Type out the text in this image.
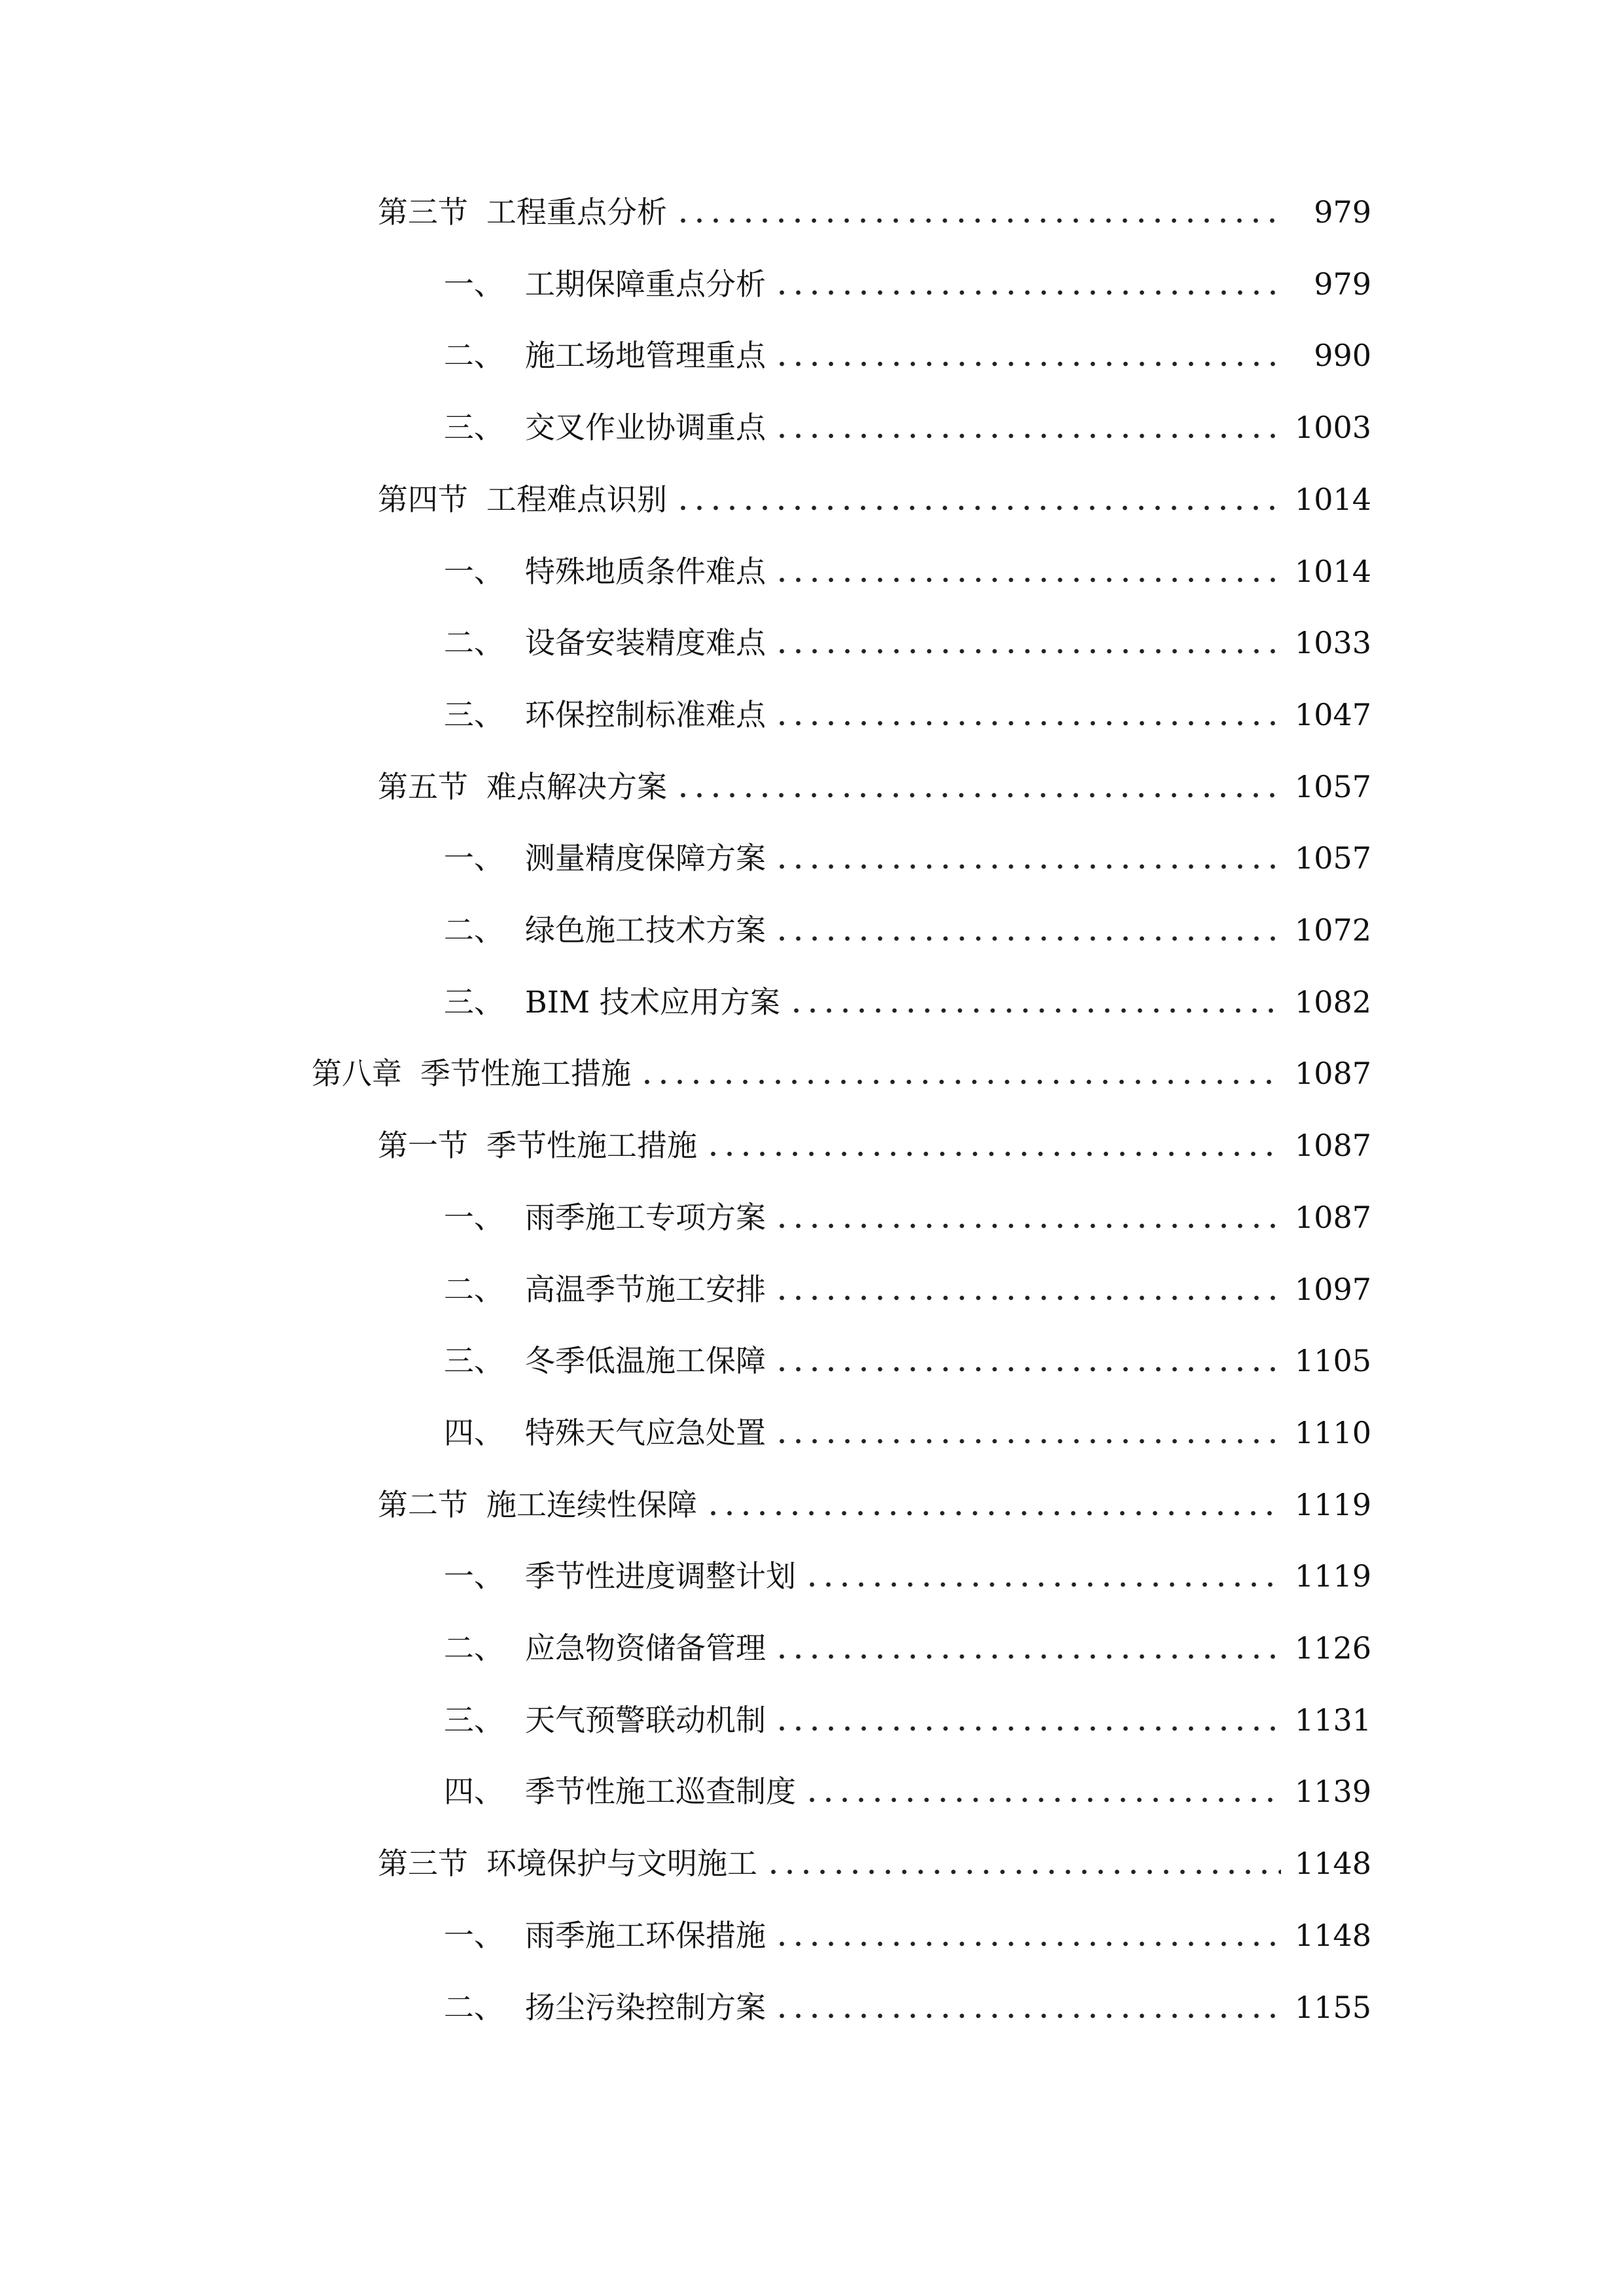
第三节 工程重点分析	979
一、 工期保障重点分析	979
二、 施工场地管理重点	990
三、 交叉作业协调重点	1003
第四节 工程难点识别	1014
一、 特殊地质条件难点	1014
二、 设备安装精度难点	1033
三、 环保控制标准难点	1047
第五节 难点解决方案	1057
一、 测量精度保障方案	1057
二、 绿色施工技术方案	1072
三、 BIM 技术应用方案	1082
第八章 季节性施工措施	1087
第一节 季节性施工措施	1087
一、 雨季施工专项方案	1087
二、 高温季节施工安排	1097
三、 冬季低温施工保障	1105
四、 特殊天气应急处置	1110
第二节 施工连续性保障	1119
一、 季节性进度调整计划	1119
二、 应急物资储备管理	1126
三、 天气预警联动机制	1131
四、 季节性施工巡查制度	1139
第三节 环境保护与文明施工	1148
一、 雨季施工环保措施	1148
二、 扬尘污染控制方案	1155
